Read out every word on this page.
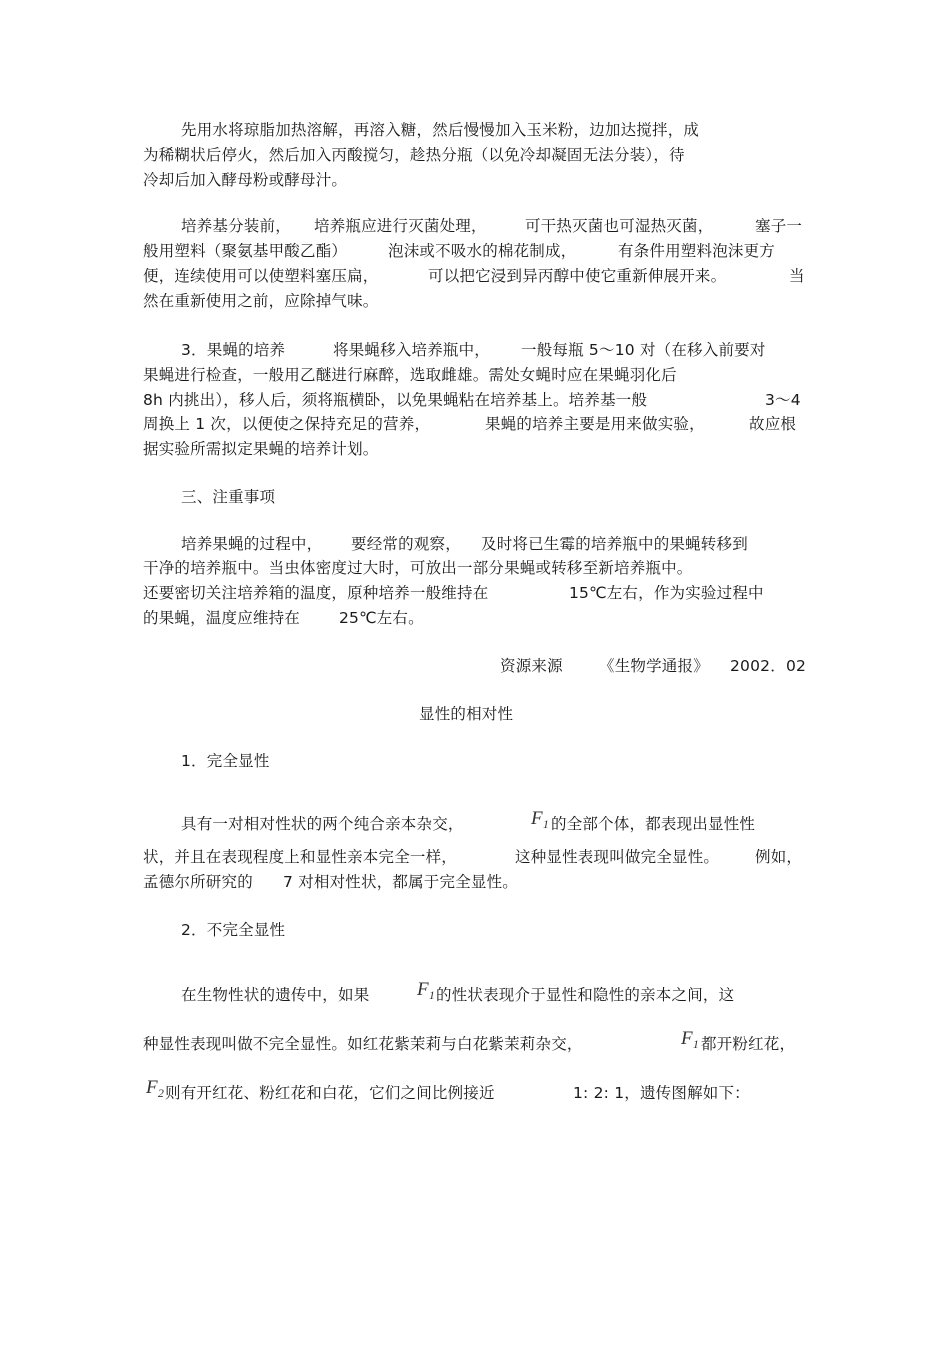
先用水将琼脂加热溶解，再溶入糖，然后慢慢加入玉米粉，边加达搅拌，成
为稀糊状后停火，然后加入丙酸搅匀，趁热分瓶（以免冷却凝固无法分装），待
冷却后加入酵母粉或酵母汁。
培养基分装前， 培养瓶应进行灭菌处理， 可干热灭菌也可湿热灭菌，	塞子一
般用塑料（聚氨基甲酸乙酯）	泡沫或不吸水的棉花制成，	有条件用塑料泡沫更方
便，连续使用可以使塑料塞压扁，	可以把它浸到异丙醇中使它重新伸展开来。	当
然在重新使用之前，应除掉气味。
3．果蝇的培养	将果蝇移入培养瓶中， 一般每瓶 5～10 对（在移入前要对
果蝇进行检查，一般用乙醚进行麻醉，选取雌雄。需处女蝇时应在果蝇羽化后
8h 内挑出），移人后，须将瓶横卧，以免果蝇粘在培养基上。培养基一般	3～4
周换上 1 次，以便使之保持充足的营养，	果蝇的培养主要是用来做实验，	故应根
据实验所需拟定果蝇的培养计划。
三、注重事项
培养果蝇的过程中， 要经常的观察， 及时将已生霉的培养瓶中的果蝇转移到
干净的培养瓶中。当虫体密度过大时，可放出一部分果蝇或转移至新培养瓶中。
还要密切关注培养箱的温度，原种培养一般维持在	15℃左右，作为实验过程中
的果蝇，温度应维持在	25℃左右。
资源来源 《生物学通报》 2002．02
显性的相对性
1．完全显性
具有一对相对性状的两个纯合亲本杂交，	$F_1$ 的全部个体，都表现出显性性
状，并且在表现程度上和显性亲本完全一样，	这种显性表现叫做完全显性。 例如，
孟德尔所研究的 7 对相对性状，都属于完全显性。
2．不完全显性
在生物性状的遗传中，如果	$F_1$ 的性状表现介于显性和隐性的亲本之间，这
种显性表现叫做不完全显性。如红花紫茉莉与白花紫茉莉杂交，	$F_1$ 都开粉红花，
$F_2$ 则有开红花、粉红花和白花，它们之间比例接近	1: 2: 1，遗传图解如下：
